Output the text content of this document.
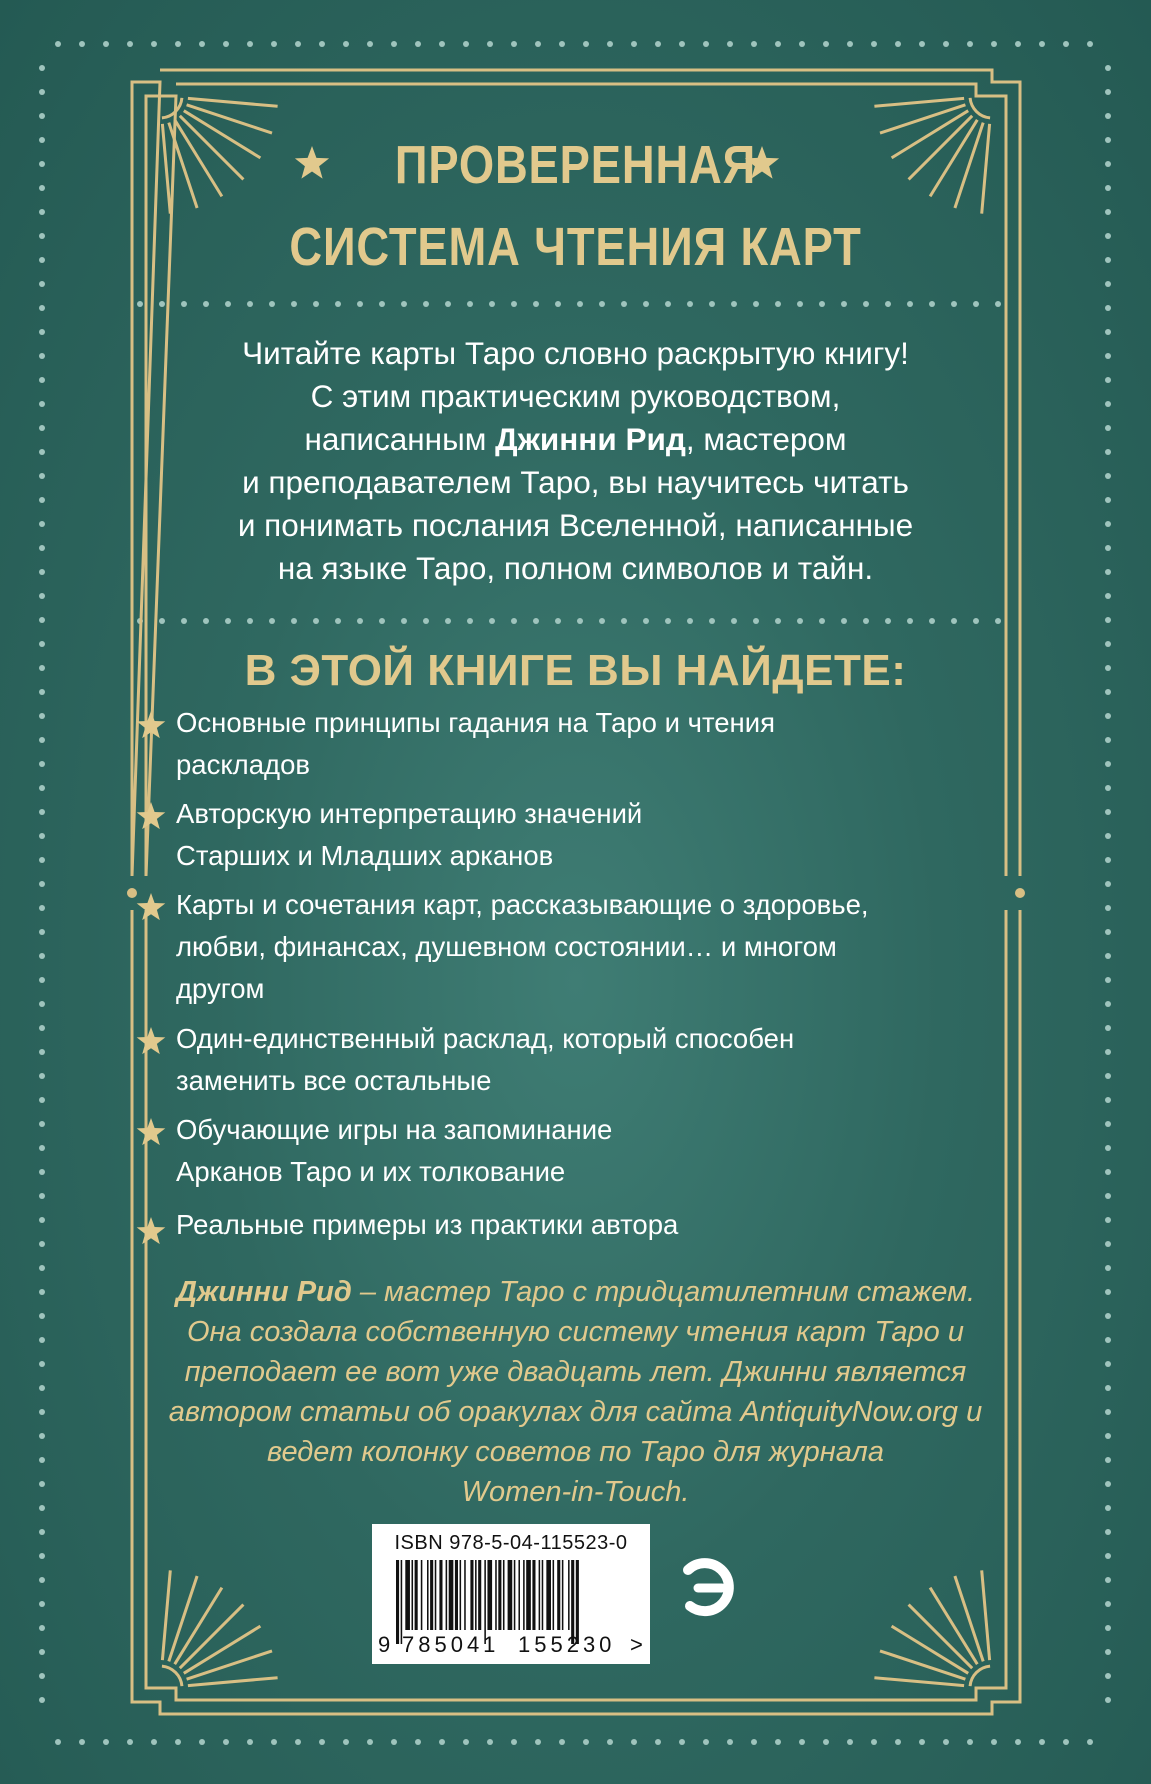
ПРОВЕРЕННАЯ
СИСТЕМА ЧТЕНИЯ КАРТ
Читайте карты Таро словно раскрытую книгу!
С этим практическим руководством,
написанным Джинни Рид, мастером
и преподавателем Таро, вы научитесь читать
и понимать послания Вселенной, написанные
на языке Таро, полном символов и тайн.
В ЭТОЙ КНИГЕ ВЫ НАЙДЕТЕ:
Основные принципы гадания на Таро и чтения
раскладов
Авторскую интерпретацию значений
Старших и Младших арканов
Карты и сочетания карт, рассказывающие о здоровье,
любви, финансах, душевном состоянии… и многом
другом
Один-единственный расклад, который способен
заменить все остальные
Обучающие игры на запоминание
Арканов Таро и их толкование
Реальные примеры из практики автора
Джинни Рид – мастер Таро с тридцатилетним стажем.
Она создала собственную систему чтения карт Таро и
преподает ее вот уже двадцать лет. Джинни является
автором статьи об оракулах для сайта AntiquityNow.org и
ведет колонку советов по Таро для журнала
Women-in-Touch.
ISBN 978-5-04-115523-0
9 785041 155230 >
